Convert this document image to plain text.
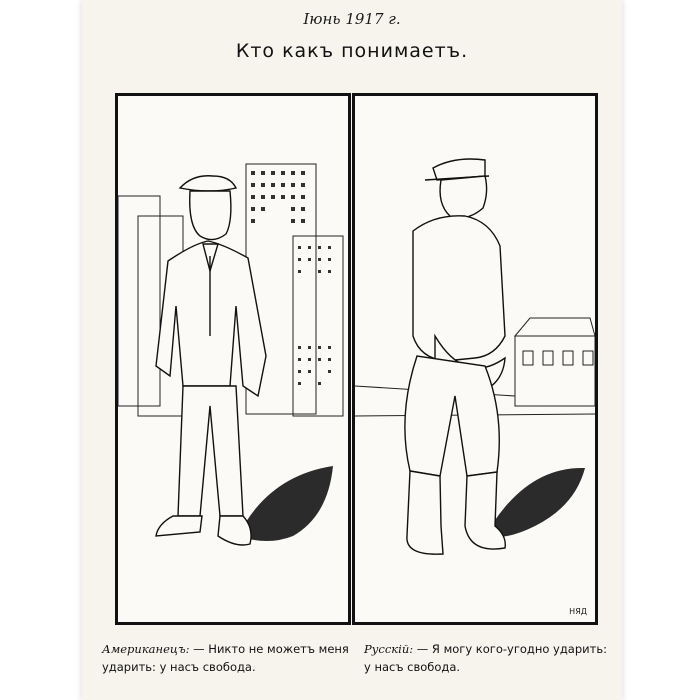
Іюнь 1917 г.
Кто какъ понимаетъ.
НЯД
Американецъ: — Никто не можетъ меня ударить: у насъ свобода.
Русскій: — Я могу кого-угодно ударить: у насъ свобода.
